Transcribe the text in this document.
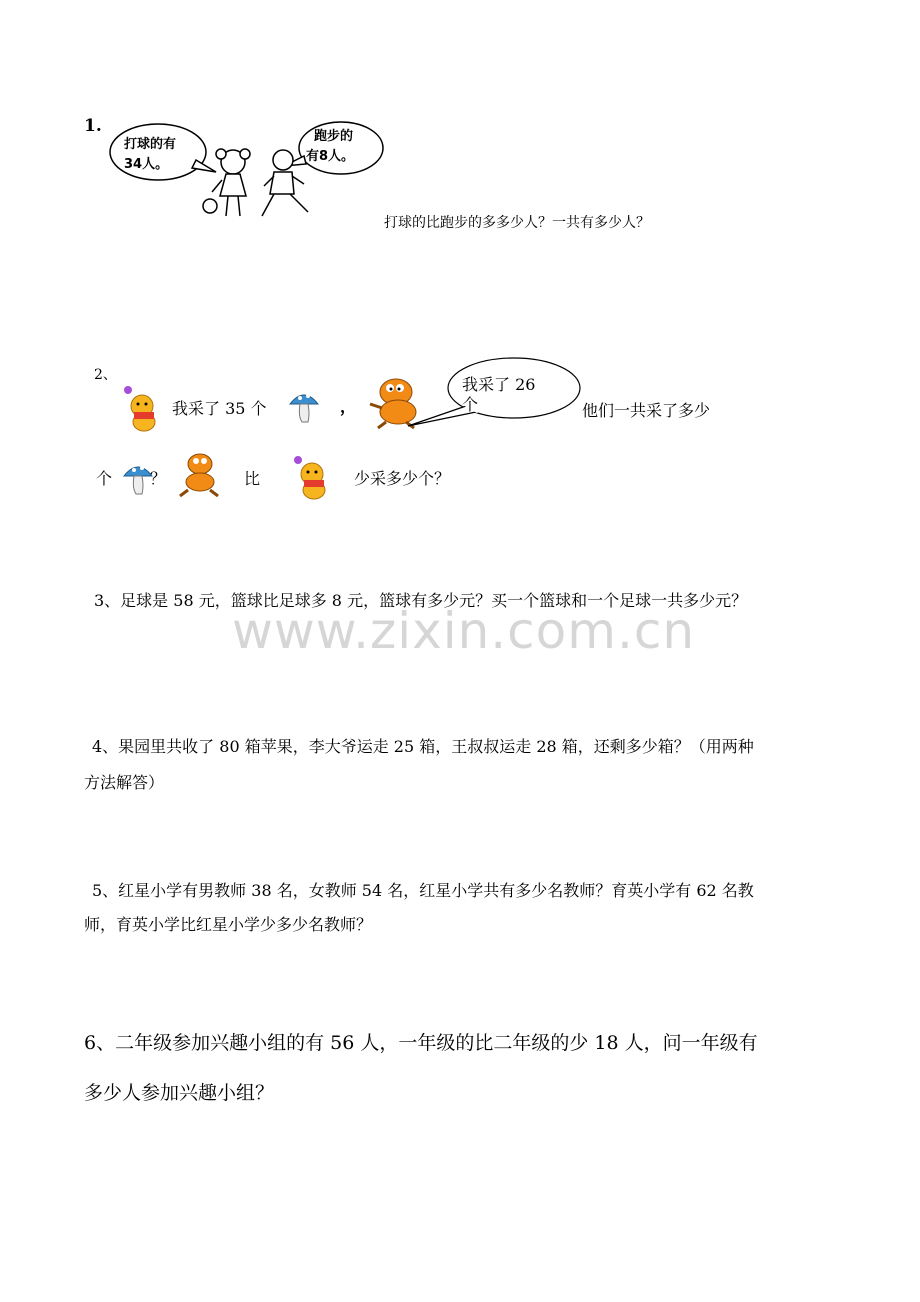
www.zixin.com.cn
1.
打球的有
34人。
跑步的
有8人。
打球的比跑步的多多少人？一共有多少人？
2、
我采了 35 个	，
我采了 26
个	他们一共采了多少
个 ？	比	少采多少个？
3、足球是 58 元，篮球比足球多 8 元，篮球有多少元？买一个篮球和一个足球一共多少元？
4、果园里共收了 80 箱苹果，李大爷运走 25 箱，王叔叔运走 28 箱，还剩多少箱？（用两种
方法解答）
5、红星小学有男教师 38 名，女教师 54 名，红星小学共有多少名教师？育英小学有 62 名教
师，育英小学比红星小学少多少名教师？
6、二年级参加兴趣小组的有 56 人，一年级的比二年级的少 18 人，问一年级有
多少人参加兴趣小组？
